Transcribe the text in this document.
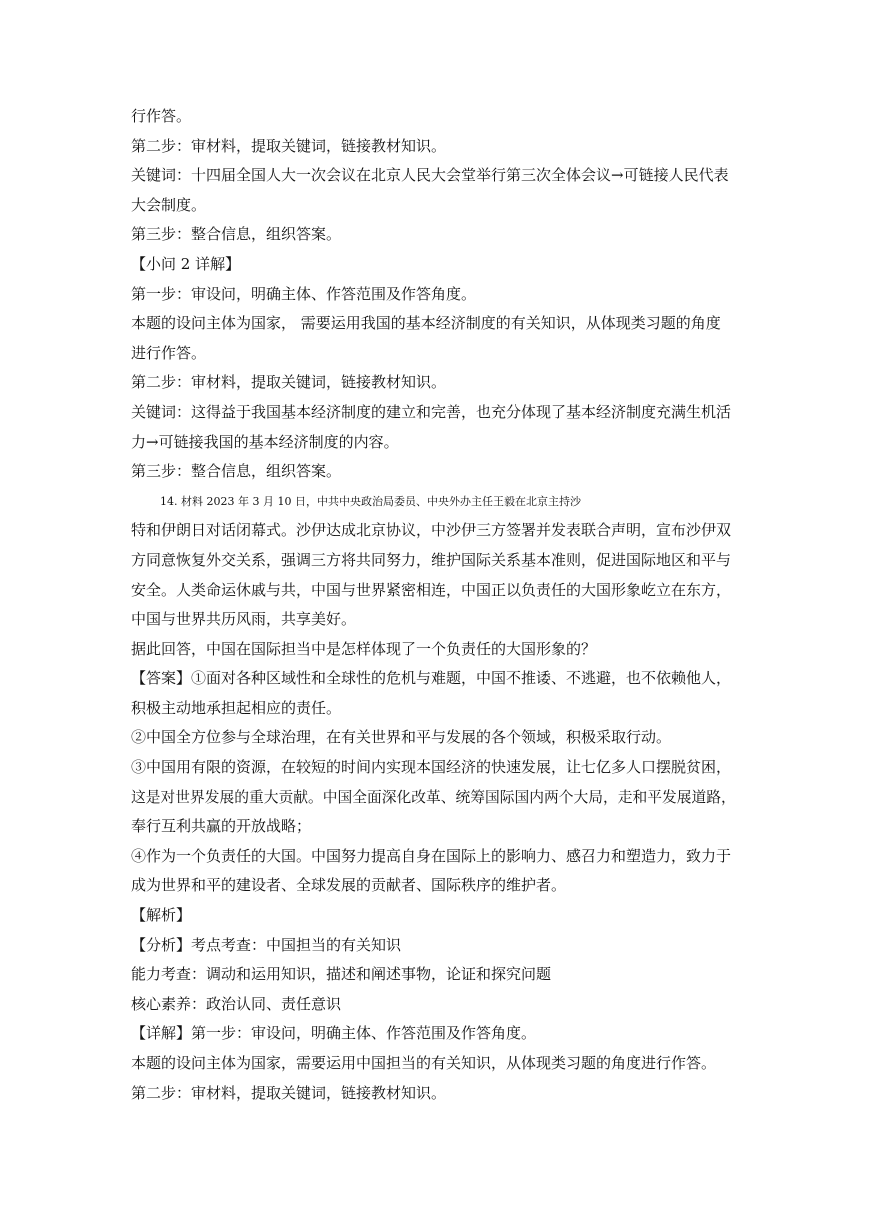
行作答。

第二步：审材料，提取关键词，链接教材知识。

关键词：十四届全国人大一次会议在北京人民大会堂举行第三次全体会议→可链接人民代表

大会制度。

第三步：整合信息，组织答案。

【小问 2 详解】

第一步：审设问，明确主体、作答范围及作答角度。

本题的设问主体为国家， 需要运用我国的基本经济制度的有关知识，从体现类习题的角度

进行作答。

第二步：审材料，提取关键词，链接教材知识。

关键词：这得益于我国基本经济制度的建立和完善，也充分体现了基本经济制度充满生机活

力→可链接我国的基本经济制度的内容。

第三步：整合信息，组织答案。

14. 材料 2023 年 3 月 10 日，中共中央政治局委员、中央外办主任王毅在北京主持沙

特和伊朗日对话闭幕式。沙伊达成北京协议，中沙伊三方签署并发表联合声明，宣布沙伊双

方同意恢复外交关系，强调三方将共同努力，维护国际关系基本准则，促进国际地区和平与

安全。人类命运休戚与共，中国与世界紧密相连，中国正以负责任的大国形象屹立在东方，

中国与世界共历风雨，共享美好。

据此回答，中国在国际担当中是怎样体现了一个负责任的大国形象的？

【答案】①面对各种区域性和全球性的危机与难题，中国不推诿、不逃避，也不依赖他人，

积极主动地承担起相应的责任。

②中国全方位参与全球治理，在有关世界和平与发展的各个领域，积极采取行动。

③中国用有限的资源，在较短的时间内实现本国经济的快速发展，让七亿多人口摆脱贫困，

这是对世界发展的重大贡献。中国全面深化改革、统筹国际国内两个大局，走和平发展道路，

奉行互利共赢的开放战略；

④作为一个负责任的大国。中国努力提高自身在国际上的影响力、感召力和塑造力，致力于

成为世界和平的建设者、全球发展的贡献者、国际秩序的维护者。

【解析】

【分析】考点考查：中国担当的有关知识

能力考查：调动和运用知识，描述和阐述事物，论证和探究问题

核心素养：政治认同、责任意识

【详解】第一步：审设问，明确主体、作答范围及作答角度。

本题的设问主体为国家，需要运用中国担当的有关知识，从体现类习题的角度进行作答。

第二步：审材料，提取关键词，链接教材知识。
